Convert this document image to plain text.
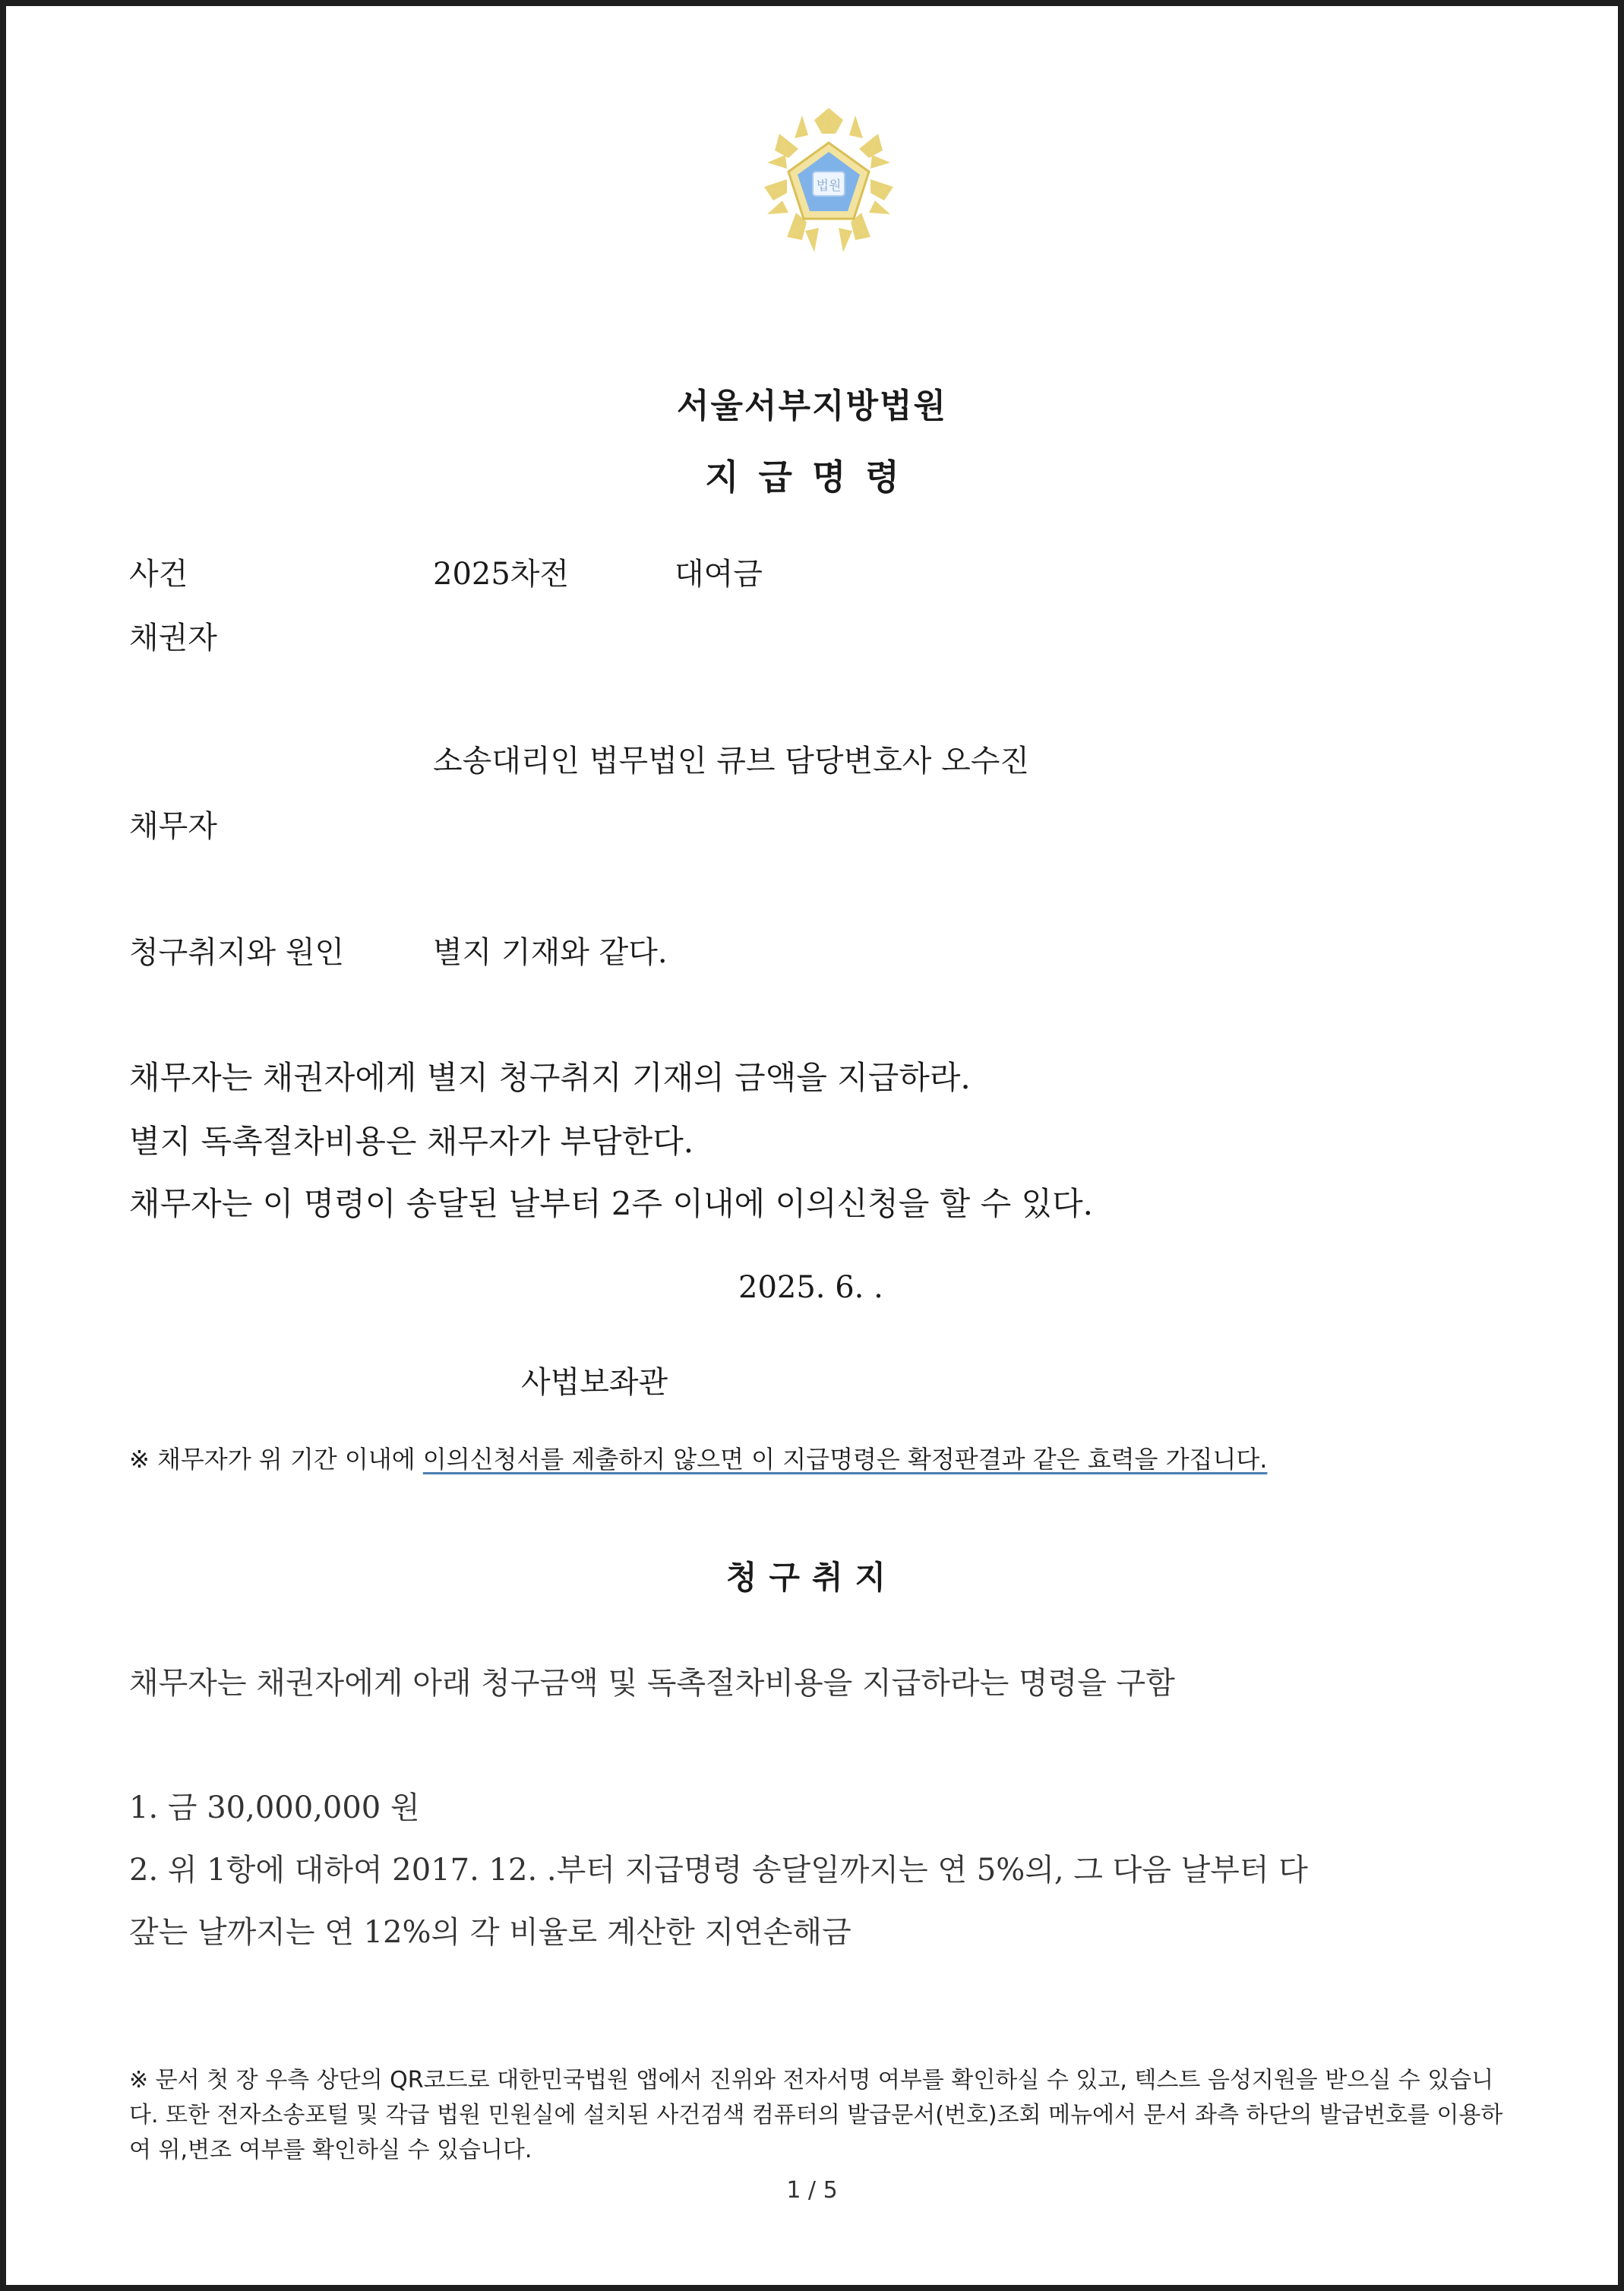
법원
서울서부지방법원
지급명령
사건	2025차전	대여금
채권자
소송대리인 법무법인 큐브 담당변호사 오수진
채무자
청구취지와 원인	별지 기재와 같다.
채무자는 채권자에게 별지 청구취지 기재의 금액을 지급하라.
별지 독촉절차비용은 채무자가 부담한다.
채무자는 이 명령이 송달된 날부터 2주 이내에 이의신청을 할 수 있다.
2025. 6. .
사법보좌관
※ 채무자가 위 기간 이내에 이의신청서를 제출하지 않으면 이 지급명령은 확정판결과 같은 효력을 가집니다.
청구취지
채무자는 채권자에게 아래 청구금액 및 독촉절차비용을 지급하라는 명령을 구함
1. 금 30,000,000 원
2. 위 1항에 대하여 2017. 12. .부터 지급명령 송달일까지는 연 5%의, 그 다음 날부터 다
갚는 날까지는 연 12%의 각 비율로 계산한 지연손해금
※ 문서 첫 장 우측 상단의 QR코드로 대한민국법원 앱에서 진위와 전자서명 여부를 확인하실 수 있고, 텍스트 음성지원을 받으실 수 있습니다. 또한 전자소송포털 및 각급 법원 민원실에 설치된 사건검색 컴퓨터의 발급문서(번호)조회 메뉴에서 문서 좌측 하단의 발급번호를 이용하여 위,변조 여부를 확인하실 수 있습니다.
1 / 5
